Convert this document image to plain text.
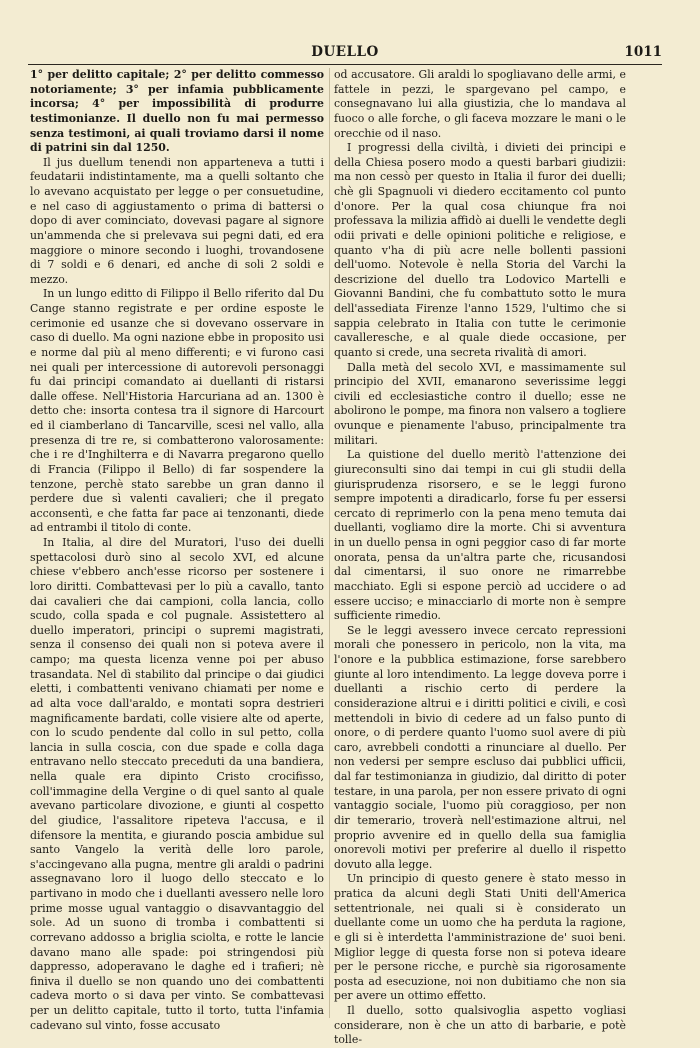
DUELLO	1011

1° per delitto capitale; 2° per delitto commesso notoriamente; 3° per infamia pubblicamente incorsa; 4° per impossibilità di produrre testimonianze. Il duello non fu mai permesso senza testimoni, ai quali troviamo darsi il nome di patrini sin dal 1250.

Il jus duellum tenendi non apparteneva a tutti i feudatarii indistintamente, ma a quelli soltanto che lo avevano acquistato per legge o per consuetudine, e nel caso di aggiustamento o prima di battersi o dopo di aver cominciato, dovevasi pagare al signore un'ammenda che si prelevava sui pegni dati, ed era maggiore o minore secondo i luoghi, trovandosene di 7 soldi e 6 denari, ed anche di soli 2 soldi e mezzo.

In un lungo editto di Filippo il Bello riferito dal Du Cange stanno registrate e per ordine esposte le cerimonie ed usanze che si dovevano osservare in caso di duello. Ma ogni nazione ebbe in proposito usi e norme dal più al meno differenti; e vi furono casi nei quali per intercessione di autorevoli personaggi fu dai principi comandato ai duellanti di ristarsi dalle offese. Nell'Historia Harcuriana ad an. 1300 è detto che: insorta contesa tra il signore di Harcourt ed il ciamberlano di Tancarville, scesi nel vallo, alla presenza di tre re, si combatterono valorosamente: che i re d'Inghilterra e di Navarra pregarono quello di Francia (Filippo il Bello) di far sospendere la tenzone, perchè stato sarebbe un gran danno il perdere due sì valenti cavalieri; che il pregato acconsentì, e che fatta far pace ai tenzonanti, diede ad entrambi il titolo di conte.

In Italia, al dire del Muratori, l'uso dei duelli spettacolosi durò sino al secolo XVI, ed alcune chiese v'ebbero anch'esse ricorso per sostenere i loro diritti. Combattevasi per lo più a cavallo, tanto dai cavalieri che dai campioni, colla lancia, collo scudo, colla spada e col pugnale. Assistettero al duello imperatori, principi o supremi magistrati, senza il consenso dei quali non si poteva avere il campo; ma questa licenza venne poi per abuso trasandata. Nel dì stabilito dal principe o dai giudici eletti, i combattenti venivano chiamati per nome e ad alta voce dall'araldo, e montati sopra destrieri magnificamente bardati, colle visiere alte od aperte, con lo scudo pendente dal collo in sul petto, colla lancia in sulla coscia, con due spade e colla daga entravano nello steccato preceduti da una bandiera, nella quale era dipinto Cristo crocifisso, coll'immagine della Vergine o di quel santo al quale avevano particolare divozione, e giunti al cospetto del giudice, l'assalitore ripeteva l'accusa, e il difensore la mentita, e giurando poscia ambidue sul santo Vangelo la verità delle loro parole, s'accingevano alla pugna, mentre gli araldi o padrini assegnavano loro il luogo dello steccato e lo partivano in modo che i duellanti avessero nelle loro prime mosse ugual vantaggio o disavvantaggio del sole. Ad un suono di tromba i combattenti si correvano addosso a briglia sciolta, e rotte le lancie davano mano alle spade: poi stringendosi più dappresso, adoperavano le daghe ed i trafieri; nè finiva il duello se non quando uno dei combattenti cadeva morto o si dava per vinto. Se combattevasi per un delitto capitale, tutto il torto, tutta l'infamia cadevano sul vinto, fosse accusato

od accusatore. Gli araldi lo spogliavano delle armi, e fattele in pezzi, le spargevano pel campo, e consegnavano lui alla giustizia, che lo mandava al fuoco o alle forche, o gli faceva mozzare le mani o le orecchie od il naso.

I progressi della civiltà, i divieti dei principi e della Chiesa posero modo a questi barbari giudizii: ma non cessò per questo in Italia il furor dei duelli; chè gli Spagnuoli vi diedero eccitamento col punto d'onore. Per la qual cosa chiunque fra noi professava la milizia affidò ai duelli le vendette degli odii privati e delle opinioni politiche e religiose, e quanto v'ha di più acre nelle bollenti passioni dell'uomo. Notevole è nella Storia del Varchi la descrizione del duello tra Lodovico Martelli e Giovanni Bandini, che fu combattuto sotto le mura dell'assediata Firenze l'anno 1529, l'ultimo che si sappia celebrato in Italia con tutte le cerimonie cavalleresche, e al quale diede occasione, per quanto si crede, una secreta rivalità di amori.

Dalla metà del secolo XVI, e massimamente sul principio del XVII, emanarono severissime leggi civili ed ecclesiastiche contro il duello; esse ne abolirono le pompe, ma finora non valsero a togliere ovunque e pienamente l'abuso, principalmente tra militari.

La quistione del duello meritò l'attenzione dei giureconsulti sino dai tempi in cui gli studii della giurisprudenza risorsero, e se le leggi furono sempre impotenti a diradicarlo, forse fu per essersi cercato di reprimerlo con la pena meno temuta dai duellanti, vogliamo dire la morte. Chi si avventura in un duello pensa in ogni peggior caso di far morte onorata, pensa da un'altra parte che, ricusandosi dal cimentarsi, il suo onore ne rimarrebbe macchiato. Egli si espone perciò ad uccidere o ad essere ucciso; e minacciarlo di morte non è sempre sufficiente rimedio.

Se le leggi avessero invece cercato repressioni morali che ponessero in pericolo, non la vita, ma l'onore e la pubblica estimazione, forse sarebbero giunte al loro intendimento. La legge doveva porre i duellanti a rischio certo di perdere la considerazione altrui e i diritti politici e civili, e così mettendoli in bivio di cedere ad un falso punto di onore, o di perdere quanto l'uomo suol avere di più caro, avrebbeli condotti a rinunciare al duello. Per non vedersi per sempre escluso dai pubblici ufficii, dal far testimonianza in giudizio, dal diritto di poter testare, in una parola, per non essere privato di ogni vantaggio sociale, l'uomo più coraggioso, per non dir temerario, troverà nell'estimazione altrui, nel proprio avvenire ed in quello della sua famiglia onorevoli motivi per preferire al duello il rispetto dovuto alla legge.

Un principio di questo genere è stato messo in pratica da alcuni degli Stati Uniti dell'America settentrionale, nei quali si è considerato un duellante come un uomo che ha perduta la ragione, e gli si è interdetta l'amministrazione de' suoi beni. Miglior legge di questa forse non si poteva ideare per le persone ricche, e purchè sia rigorosamente posta ad esecuzione, noi non dubitiamo che non sia per avere un ottimo effetto.

Il duello, sotto qualsivoglia aspetto vogliasi considerare, non è che un atto di barbarie, e potè tolle-
